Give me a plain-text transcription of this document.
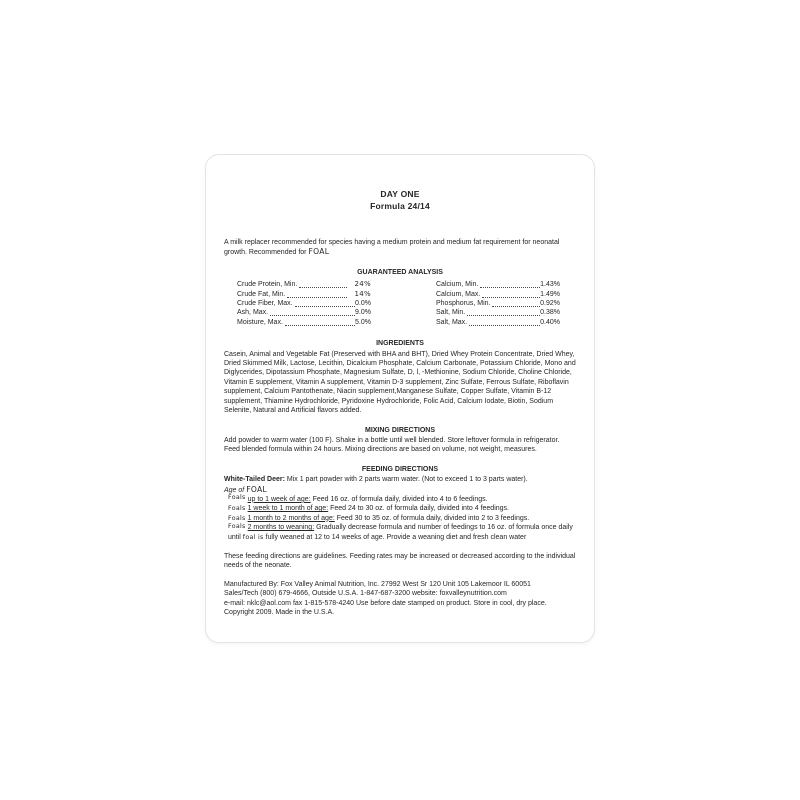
DAY ONE
Formula 24/14
A milk replacer recommended for species having a medium protein and medium fat requirement for neonatal growth. Recommended for FOAL
GUARANTEED ANALYSIS
Crude Protein, Min.	24%
Crude Fat, Min.	14%
Crude Fiber, Max.	0.0%
Ash, Max.	9.0%
Moisture, Max.	5.0%
Calcium, Min.	1.43%
Calcium, Max.	1.49%
Phosphorus, Min.	0.92%
Salt, Min.	0.38%
Salt, Max.	0.40%
INGREDIENTS
Casein, Animal and Vegetable Fat (Preserved with BHA and BHT), Dried Whey Protein Concentrate, Dried Whey, Dried Skimmed Milk, Lactose, Lecithin, Dicalcium Phosphate, Calcium Carbonate, Potassium Chloride, Mono and Diglycerides, Dipotassium Phosphate, Magnesium Sulfate, D, l, -Methionine, Sodium Chloride, Choline Chloride, Vitamin E supplement, Vitamin A supplement, Vitamin D-3 supplement, Zinc Sulfate, Ferrous Sulfate, Riboflavin supplement, Calcium Pantothenate, Niacin supplement,Manganese Sulfate, Copper Sulfate, Vitamin B-12 supplement, Thiamine Hydrochloride, Pyridoxine Hydrochloride, Folic Acid, Calcium Iodate, Biotin, Sodium Selenite, Natural and Artificial flavors added.
MIXING DIRECTIONS
Add powder to warm water (100 F). Shake in a bottle until well blended. Store leftover formula in refrigerator. Feed blended formula within 24 hours. Mixing directions are based on volume, not weight, measures.
FEEDING DIRECTIONS
White-Tailed Deer: Mix 1 part powder with 2 parts warm water. (Not to exceed 1 to 3 parts water).
Age of FOAL
Foals up to 1 week of age: Feed 16 oz. of formula daily, divided into 4 to 6 feedings.
Foals 1 week to 1 month of age: Feed 24 to 30 oz. of formula daily, divided into 4 feedings.
Foals 1 month to 2 months of age: Feed 30 to 35 oz. of formula daily, divided into 2 to 3 feedings.
Foals 2 months to weaning: Gradually decrease formula and number of feedings to 16 oz. of formula once daily until foal is fully weaned at 12 to 14 weeks of age. Provide a weaning diet and fresh clean water
These feeding directions are guidelines. Feeding rates may be increased or decreased according to the individual needs of the neonate.
Manufactured By: Fox Valley Animal Nutrition, Inc. 27992 West Sr 120 Unit 105 Lakemoor IL 60051
Sales/Tech (800) 679-4666, Outside U.S.A. 1-847-687-3200 website: foxvalleynutrition.com
e-mail: nklc@aol.com fax 1-815-578-4240 Use before date stamped on product. Store in cool, dry place.
Copyright 2009. Made in the U.S.A.
